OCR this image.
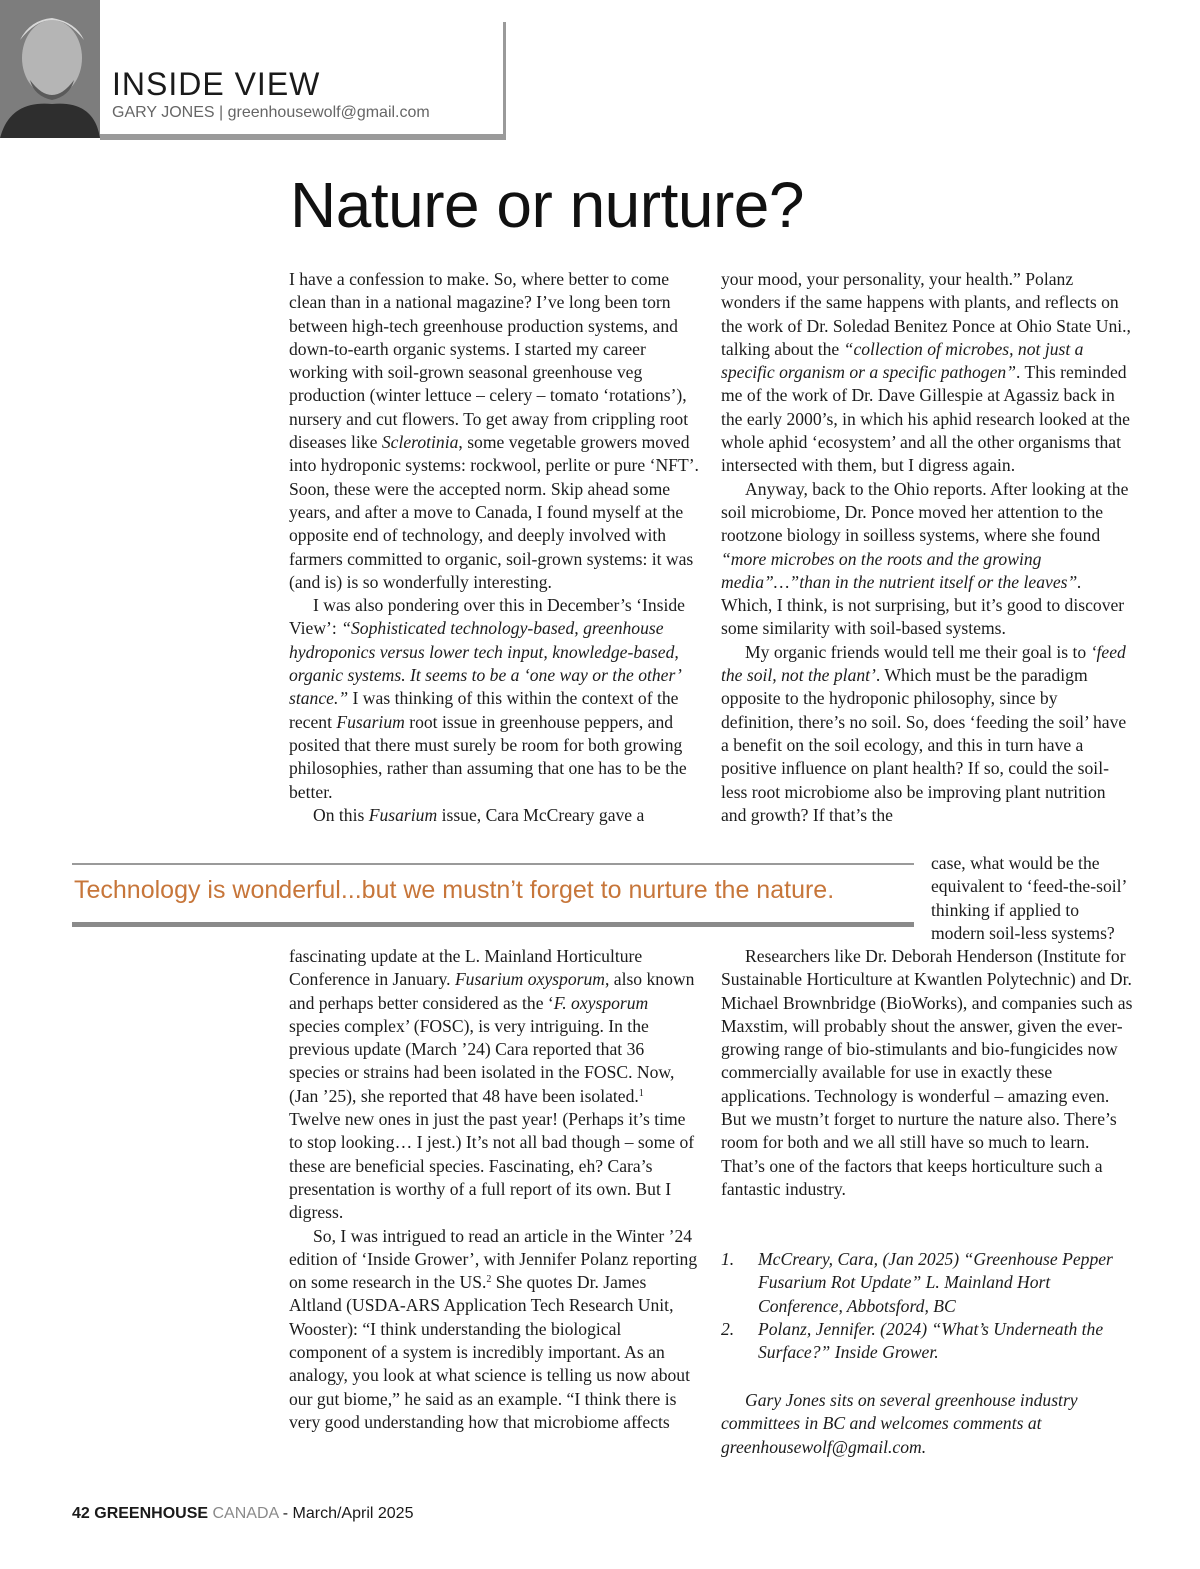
INSIDE VIEW
GARY JONES | greenhousewolf@gmail.com
Nature or nurture?

I have a confession to make. So, where better to come clean than in a national magazine? I’ve long been torn between high-tech greenhouse production systems, and down-to-earth organic systems. I started my career working with soil-grown seasonal greenhouse veg production (winter lettuce – celery – tomato ‘rotations’), nursery and cut flowers. To get away from crippling root diseases like Sclerotinia, some vegetable growers moved into hydroponic systems: rockwool, perlite or pure ‘NFT’. Soon, these were the accepted norm. Skip ahead some years, and after a move to Canada, I found myself at the opposite end of technology, and deeply involved with farmers committed to organic, soil-grown systems: it was (and is) is so wonderfully interesting.

I was also pondering over this in December’s ‘Inside View’: “Sophisticated technology-based, greenhouse hydroponics versus lower tech input, knowledge-based, organic systems. It seems to be a ‘one way or the other’ stance.” I was thinking of this within the context of the recent Fusarium root issue in greenhouse peppers, and posited that there must surely be room for both growing philosophies, rather than assuming that one has to be the better.

On this Fusarium issue, Cara McCreary gave a

your mood, your personality, your health.” Polanz wonders if the same happens with plants, and reflects on the work of Dr. Soledad Benitez Ponce at Ohio State Uni., talking about the “collection of microbes, not just a specific organism or a specific pathogen”. This reminded me of the work of Dr. Dave Gillespie at Agassiz back in the early 2000’s, in which his aphid research looked at the whole aphid ‘ecosystem’ and all the other organisms that intersected with them, but I digress again.

Anyway, back to the Ohio reports. After looking at the soil microbiome, Dr. Ponce moved her attention to the rootzone biology in soilless systems, where she found “more microbes on the roots and the growing media”…”than in the nutrient itself or the leaves”. Which, I think, is not surprising, but it’s good to discover some similarity with soil-based systems.

My organic friends would tell me their goal is to ‘feed the soil, not the plant’. Which must be the paradigm opposite to the hydroponic philosophy, since by definition, there’s no soil. So, does ‘feeding the soil’ have a benefit on the soil ecology, and this in turn have a positive influence on plant health? If so, could the soil-less root microbiome also be improving plant nutrition and growth? If that’s the

case, what would be the equivalent to ‘feed-the-soil’ thinking if applied to modern soil-less systems?
Technology is wonderful...but we mustn’t forget to nurture the nature.

fascinating update at the L. Mainland Horticulture Conference in January. Fusarium oxysporum, also known and perhaps better considered as the ‘F. oxysporum species complex’ (FOSC), is very intriguing. In the previous update (March ’24) Cara reported that 36 species or strains had been isolated in the FOSC. Now, (Jan ’25), she reported that 48 have been isolated.$^1$ Twelve new ones in just the past year! (Perhaps it’s time to stop looking… I jest.) It’s not all bad though – some of these are beneficial species. Fascinating, eh? Cara’s presentation is worthy of a full report of its own. But I digress.

So, I was intrigued to read an article in the Winter ’24 edition of ‘Inside Grower’, with Jennifer Polanz reporting on some research in the US.$^2$ She quotes Dr. James Altland (USDA-ARS Application Tech Research Unit, Wooster): “I think understanding the biological component of a system is incredibly important. As an analogy, you look at what science is telling us now about our gut biome,” he said as an example. “I think there is very good understanding how that microbiome affects

Researchers like Dr. Deborah Henderson (Institute for Sustainable Horticulture at Kwantlen Polytechnic) and Dr. Michael Brownbridge (BioWorks), and companies such as Maxstim, will probably shout the answer, given the ever-growing range of bio-stimulants and bio-fungicides now commercially available for use in exactly these applications. Technology is wonderful – amazing even. But we mustn’t forget to nurture the nature also. There’s room for both and we all still have so much to learn. That’s one of the factors that keeps horticulture such a fantastic industry.

1.	McCreary, Cara, (Jan 2025) “Greenhouse Pepper Fusarium Rot Update” L. Mainland Hort Conference, Abbotsford, BC
2.	Polanz, Jennifer. (2024) “What’s Underneath the Surface?” Inside Grower.
Gary Jones sits on several greenhouse industry committees in BC and welcomes comments at greenhousewolf@gmail.com.
42 GREENHOUSE CANADA - March/April 2025
